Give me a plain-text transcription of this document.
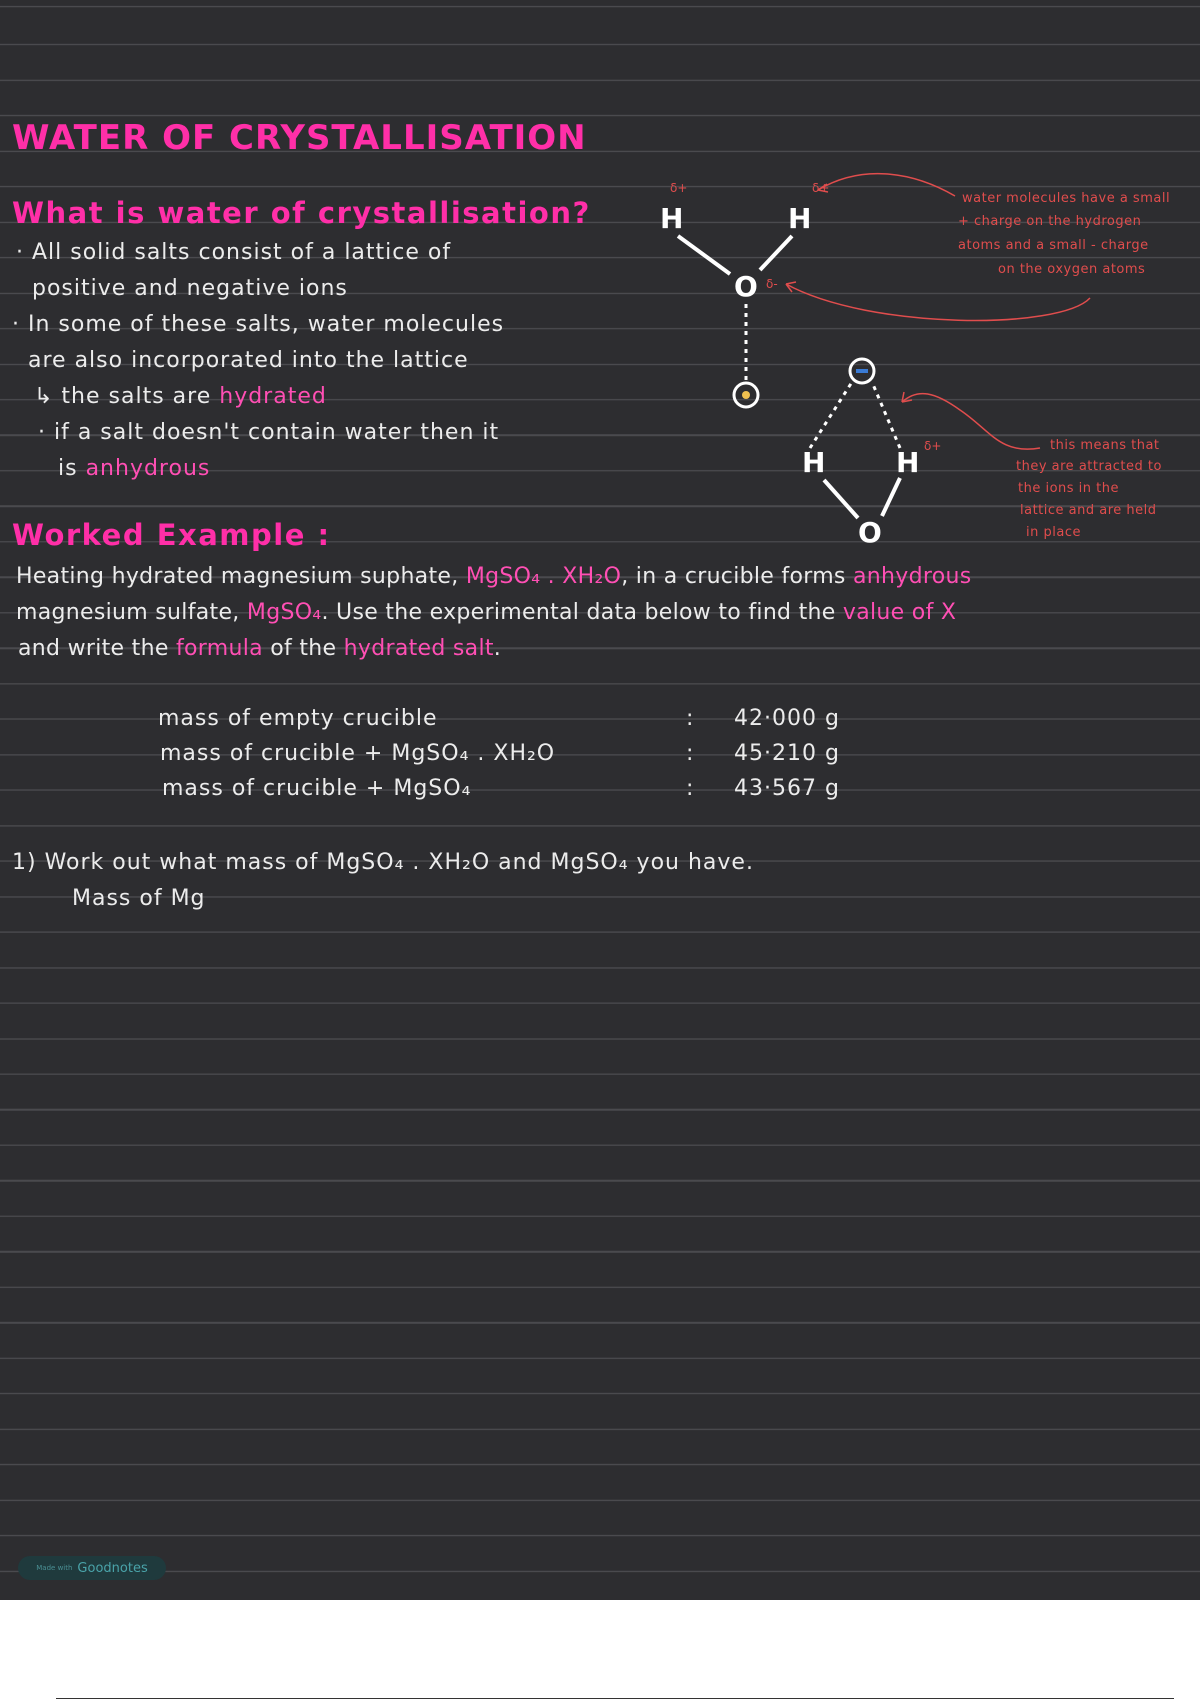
WATER OF CRYSTALLISATION
What is water of crystallisation?
· All solid salts consist of a lattice of
positive and negative ions
· In some of these salts, water molecules
are also incorporated into the lattice
↳ the salts are hydrated
· if a salt doesn't contain water then it
is anhydrous
H	H
O
H	H
O
δ+	δ+
δ-
δ+
water molecules have a small
+ charge on the hydrogen
atoms and a small - charge
on the oxygen atoms
this means that
they are attracted to
the ions in the
lattice and are held
in place
Worked Example :
Heating hydrated magnesium suphate, MgSO₄ . XH₂O, in a crucible forms anhydrous
magnesium sulfate, MgSO₄. Use the experimental data below to find the value of X
and write the formula of the hydrated salt.
mass of empty crucible	: 42·000 g
mass of crucible + MgSO₄ . XH₂O	: 45·210 g
mass of crucible + MgSO₄	: 43·567 g
1) Work out what mass of MgSO₄ . XH₂O and MgSO₄ you have.
Mass of Mg
Made with Goodnotes
